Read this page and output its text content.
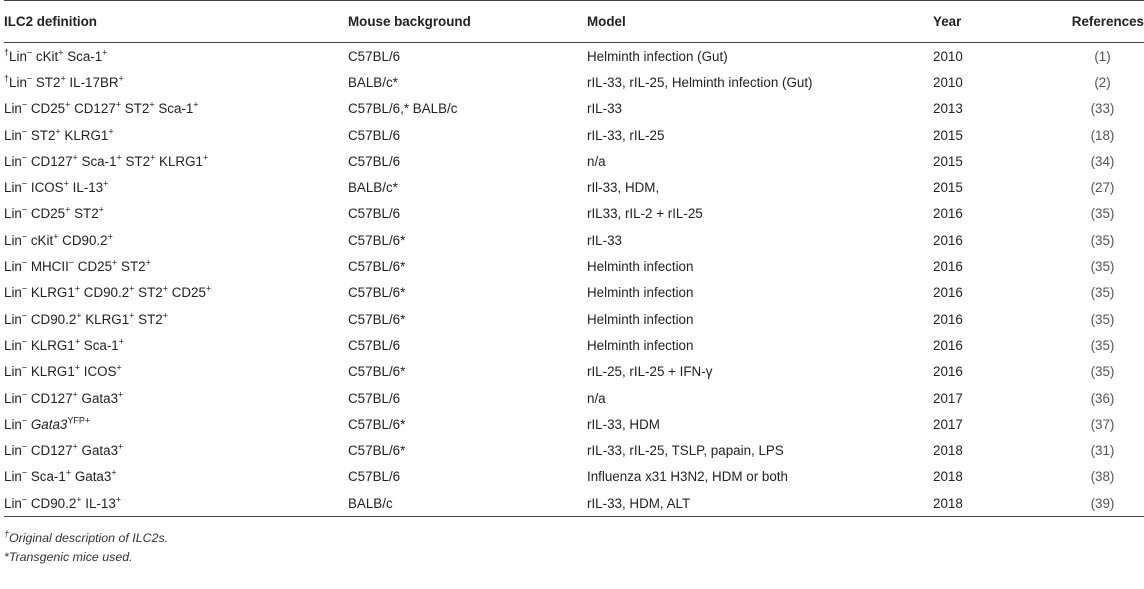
ILC2 definition	Mouse background	Model	Year	References
†Lin− cKit+ Sca-1+	C57BL/6	Helminth infection (Gut)	2010	(1)
†Lin− ST2+ IL-17BR+	BALB/c*	rIL-33, rIL-25, Helminth infection (Gut)	2010	(2)
Lin− CD25+ CD127+ ST2+ Sca-1+	C57BL/6,* BALB/c	rIL-33	2013	(33)
Lin− ST2+ KLRG1+	C57BL/6	rIL-33, rIL-25	2015	(18)
Lin− CD127+ Sca-1+ ST2+ KLRG1+	C57BL/6	n/a	2015	(34)
Lin− ICOS+ IL-13+	BALB/c*	rIl-33, HDM,	2015	(27)
Lin− CD25+ ST2+	C57BL/6	rIL33, rIL-2 + rIL-25	2016	(35)
Lin− cKit+ CD90.2+	C57BL/6*	rIL-33	2016	(35)
Lin− MHCII− CD25+ ST2+	C57BL/6*	Helminth infection	2016	(35)
Lin− KLRG1+ CD90.2+ ST2+ CD25+	C57BL/6*	Helminth infection	2016	(35)
Lin− CD90.2+ KLRG1+ ST2+	C57BL/6*	Helminth infection	2016	(35)
Lin− KLRG1+ Sca-1+	C57BL/6	Helminth infection	2016	(35)
Lin− KLRG1+ ICOS+	C57BL/6*	rIL-25, rIL-25 + IFN-γ	2016	(35)
Lin− CD127+ Gata3+	C57BL/6	n/a	2017	(36)
Lin− $Gata3^{YFP+}$	C57BL/6*	rIL-33, HDM	2017	(37)
Lin− CD127+ Gata3+	C57BL/6*	rIL-33, rIL-25, TSLP, papain, LPS	2018	(31)
Lin− Sca-1+ Gata3+	C57BL/6	Influenza x31 H3N2, HDM or both	2018	(38)
Lin− CD90.2+ IL-13+	BALB/c	rIL-33, HDM, ALT	2018	(39)
†Original description of ILC2s.
*Transgenic mice used.
